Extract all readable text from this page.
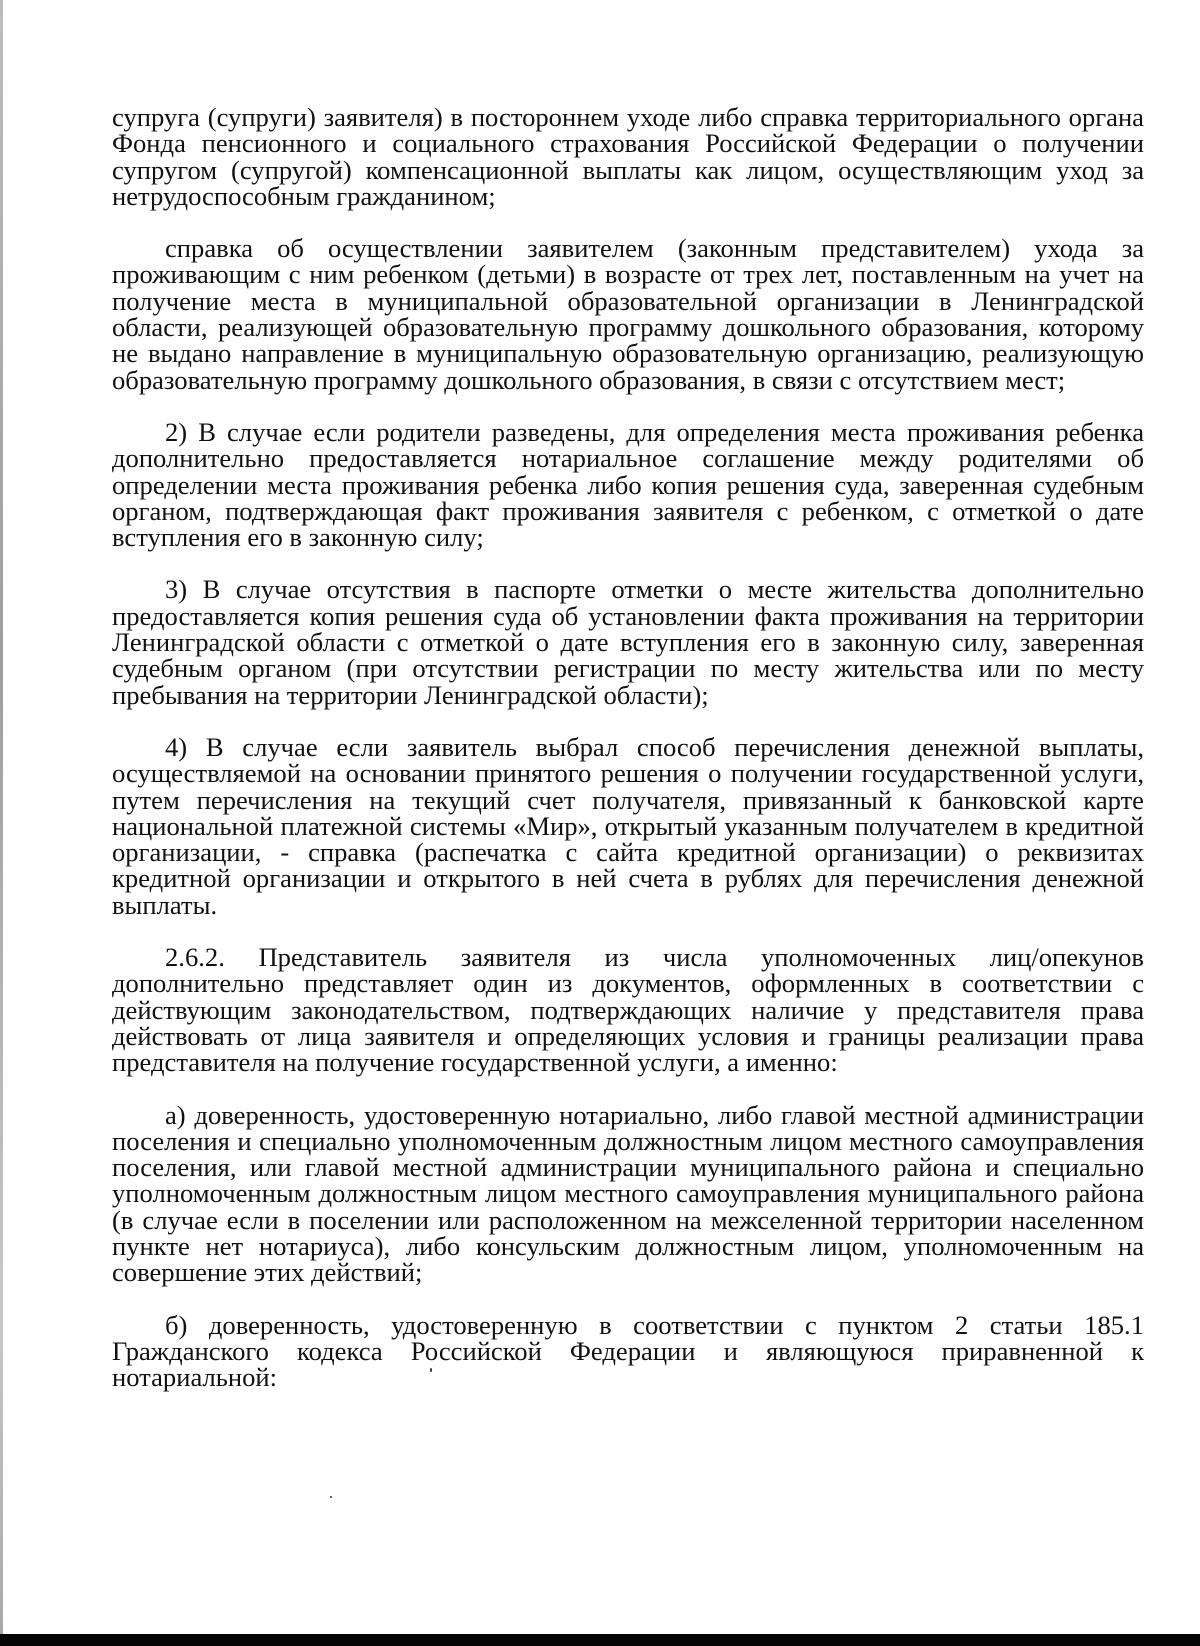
супруга (супруги) заявителя) в постороннем уходе либо справка территориального органа Фонда пенсионного и социального страхования Российской Федерации о получении супругом (супругой) компенсационной выплаты как лицом, осуществляющим уход за нетрудоспособным гражданином;

справка об осуществлении заявителем (законным представителем) ухода за проживающим с ним ребенком (детьми) в возрасте от трех лет, поставленным на учет на получение места в муниципальной образовательной организации в Ленинградской области, реализующей образовательную программу дошкольного образования, которому не выдано направление в муниципальную образовательную организацию, реализующую образовательную программу дошкольного образования, в связи с отсутствием мест;

2) В случае если родители разведены, для определения места проживания ребенка дополнительно предоставляется нотариальное соглашение между родителями об определении места проживания ребенка либо копия решения суда, заверенная судебным органом, подтверждающая факт проживания заявителя с ребенком, с отметкой о дате вступления его в законную силу;

3) В случае отсутствия в паспорте отметки о месте жительства дополнительно предоставляется копия решения суда об установлении факта проживания на территории Ленинградской области с отметкой о дате вступления его в законную силу, заверенная судебным органом (при отсутствии регистрации по месту жительства или по месту пребывания на территории Ленинградской области);

4) В случае если заявитель выбрал способ перечисления денежной выплаты, осуществляемой на основании принятого решения о получении государственной услуги, путем перечисления на текущий счет получателя, привязанный к банковской карте национальной платежной системы «Мир», открытый указанным получателем в кредитной организации, - справка (распечатка с сайта кредитной организации) о реквизитах кредитной организации и открытого в ней счета в рублях для перечисления денежной выплаты.

2.6.2. Представитель заявителя из числа уполномоченных лиц/опекунов дополнительно представляет один из документов, оформленных в соответствии с действующим законодательством, подтверждающих наличие у представителя права действовать от лица заявителя и определяющих условия и границы реализации права представителя на получение государственной услуги, а именно:

а) доверенность, удостоверенную нотариально, либо главой местной администрации поселения и специально уполномоченным должностным лицом местного самоуправления поселения, или главой местной администрации муниципального района и специально уполномоченным должностным лицом местного самоуправления муниципального района (в случае если в поселении или расположенном на межселенной территории населенном пункте нет нотариуса), либо консульским должностным лицом, уполномоченным на совершение этих действий;

б) доверенность, удостоверенную в соответствии с пунктом 2 статьи 185.1 Гражданского кодекса Российской Федерации и являющуюся приравненной к нотариальной:
